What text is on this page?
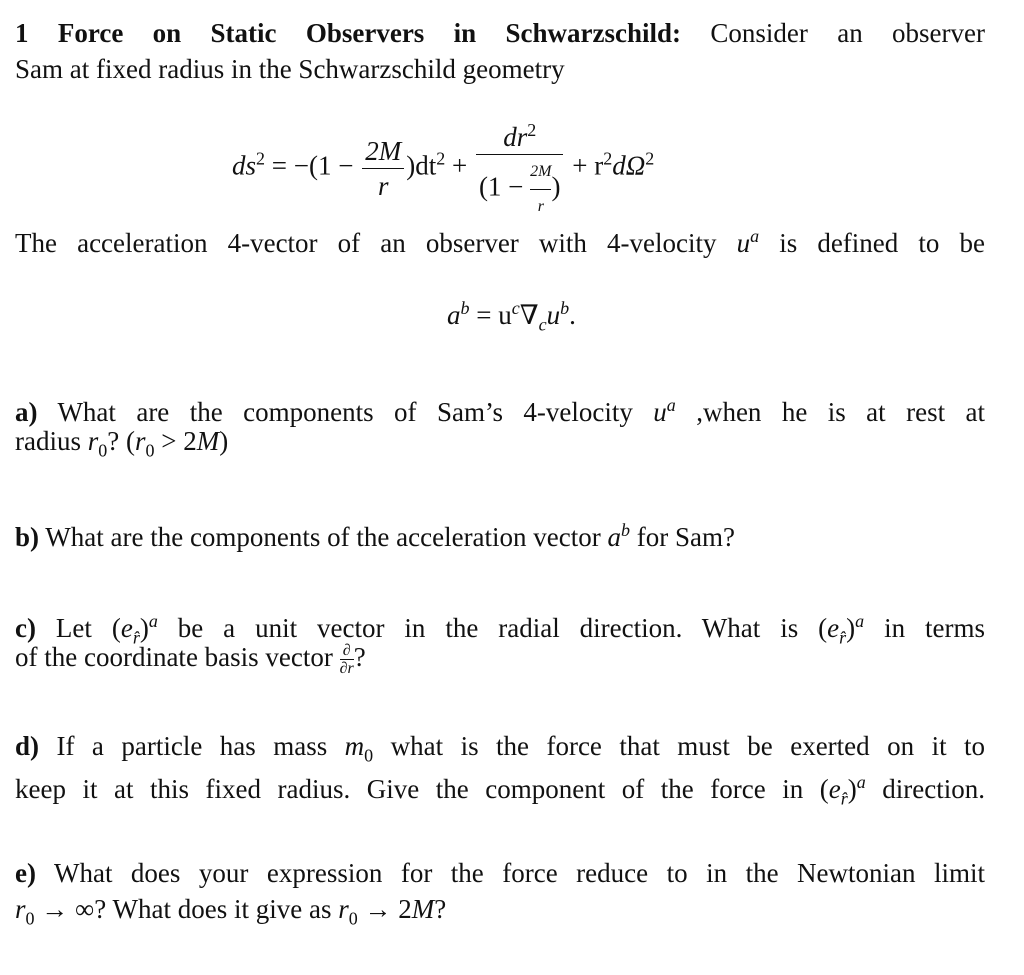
1 Force on Static Observers in Schwarzschild: Consider an observer
Sam at fixed radius in the Schwarzschild geometry
$ds^2 = -(1 - \frac{2M}{r} )dt^2 + \frac{dr^2}{(1 - \frac{2M}{r} )} + r^2d\Omega^2$
The acceleration 4-vector of an observer with 4-velocity $u^a$ is defined to be
$a^b = u^c\nabla_cu^b$.
a) What are the components of Sam’s 4-velocity $u^a$ ,when he is at rest at
radius $r_0$? $(r_0 > 2M)$
b) What are the components of the acceleration vector $a^b$ for Sam?
c) Let $(e_{r̂})^a$ be a unit vector in the radial direction. What is $(e_{r̂})^a$ in terms
of the coordinate basis vector $\frac{\partial}{\partial r}$ ?
d) If a particle has mass $m_0$ what is the force that must be exerted on it to
keep it at this fixed radius. Give the component of the force in $(e_{r̂})^a$ direction.
e) What does your expression for the force reduce to in the Newtonian limit
$r_0$ → ∞? What does it give as $r_0 \to 2M$?
